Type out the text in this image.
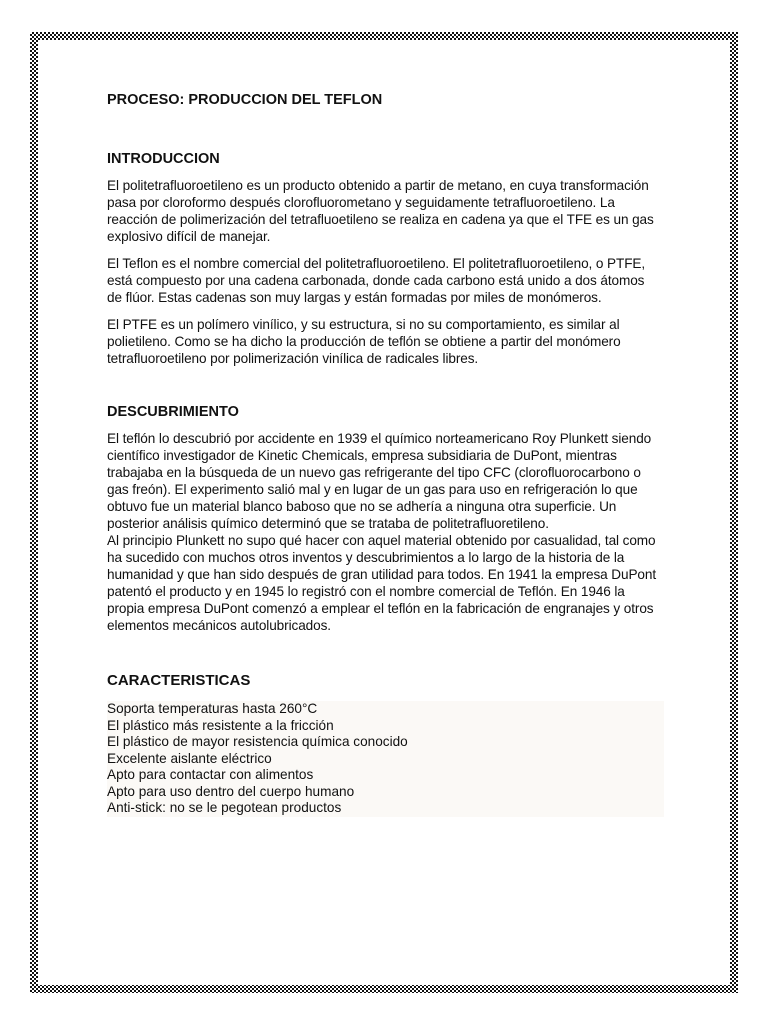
PROCESO: PRODUCCION DEL TEFLON
INTRODUCCION

El politetrafluoroetileno es un producto obtenido a partir de metano, en cuya transformación pasa por cloroformo después clorofluorometano y seguidamente tetrafluoroetileno. La reacción de polimerización del tetrafluoetileno se realiza en cadena ya que el TFE es un gas explosivo difícil de manejar.

El Teflon es el nombre comercial del politetrafluoroetileno. El politetrafluoroetileno, o PTFE, está compuesto por una cadena carbonada, donde cada carbono está unido a dos átomos de flúor. Estas cadenas son muy largas y están formadas por miles de monómeros.

El PTFE es un polímero vinílico, y su estructura, si no su comportamiento, es similar al polietileno. Como se ha dicho la producción de teflón se obtiene a partir del monómero tetrafluoroetileno por polimerización vinílica de radicales libres.

DESCUBRIMIENTO

El teflón lo descubrió por accidente en 1939 el químico norteamericano Roy Plunkett siendo científico investigador de Kinetic Chemicals, empresa subsidiaria de DuPont, mientras trabajaba en la búsqueda de un nuevo gas refrigerante del tipo CFC (clorofluorocarbono o gas freón). El experimento salió mal y en lugar de un gas para uso en refrigeración lo que obtuvo fue un material blanco baboso que no se adhería a ninguna otra superficie. Un posterior análisis químico determinó que se trataba de politetrafluoretileno.
Al principio Plunkett no supo qué hacer con aquel material obtenido por casualidad, tal como ha sucedido con muchos otros inventos y descubrimientos a lo largo de la historia de la humanidad y que han sido después de gran utilidad para todos. En 1941 la empresa DuPont patentó el producto y en 1945 lo registró con el nombre comercial de Teflón. En 1946 la propia empresa DuPont comenzó a emplear el teflón en la fabricación de engranajes y otros elementos mecánicos autolubricados.

CARACTERISTICAS
Soporta temperaturas hasta 260°C
El plástico más resistente a la fricción
El plástico de mayor resistencia química conocido
Excelente aislante eléctrico
Apto para contactar con alimentos
Apto para uso dentro del cuerpo humano
Anti-stick: no se le pegotean productos
